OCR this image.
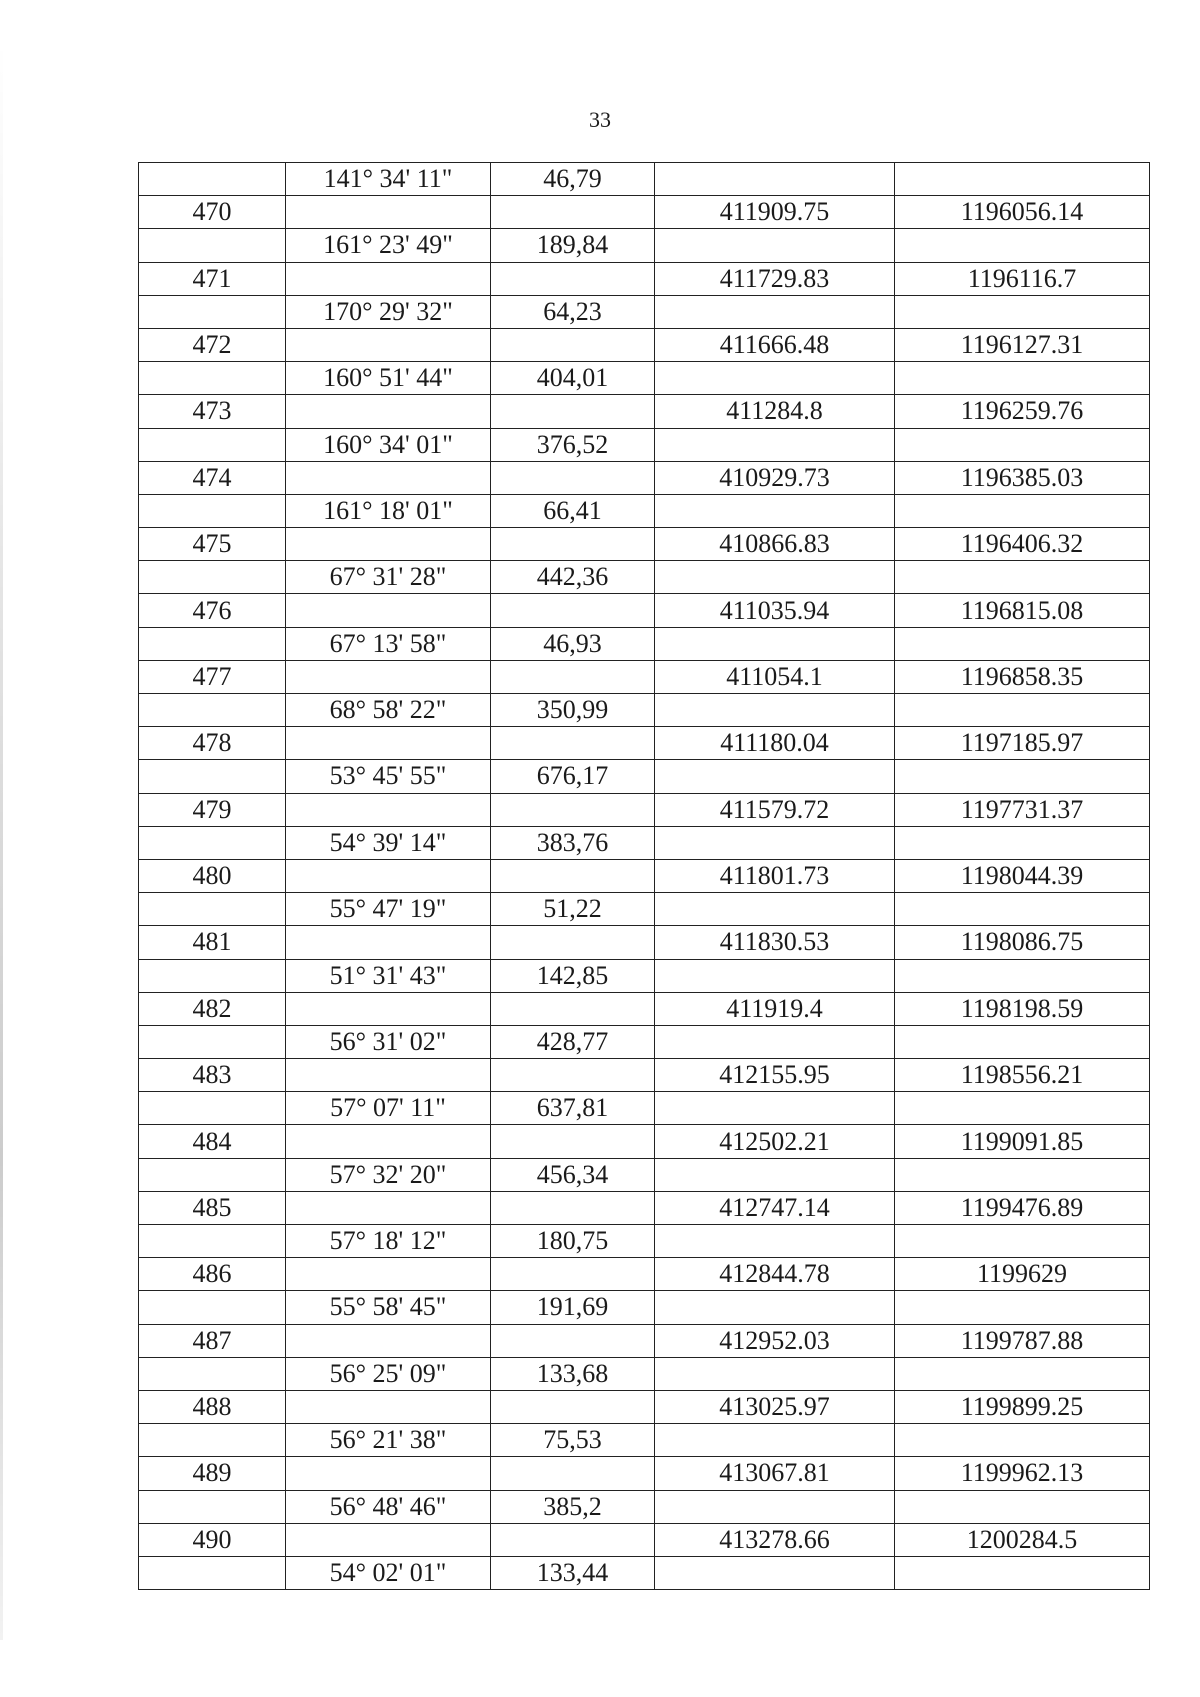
33
	141° 34' 11"	46,79		
470			411909.75	1196056.14
	161° 23' 49"	189,84		
471			411729.83	1196116.7
	170° 29' 32"	64,23		
472			411666.48	1196127.31
	160° 51' 44"	404,01		
473			411284.8	1196259.76
	160° 34' 01"	376,52		
474			410929.73	1196385.03
	161° 18' 01"	66,41		
475			410866.83	1196406.32
	67° 31' 28"	442,36		
476			411035.94	1196815.08
	67° 13' 58"	46,93		
477			411054.1	1196858.35
	68° 58' 22"	350,99		
478			411180.04	1197185.97
	53° 45' 55"	676,17		
479			411579.72	1197731.37
	54° 39' 14"	383,76		
480			411801.73	1198044.39
	55° 47' 19"	51,22		
481			411830.53	1198086.75
	51° 31' 43"	142,85		
482			411919.4	1198198.59
	56° 31' 02"	428,77		
483			412155.95	1198556.21
	57° 07' 11"	637,81		
484			412502.21	1199091.85
	57° 32' 20"	456,34		
485			412747.14	1199476.89
	57° 18' 12"	180,75		
486			412844.78	1199629
	55° 58' 45"	191,69		
487			412952.03	1199787.88
	56° 25' 09"	133,68		
488			413025.97	1199899.25
	56° 21' 38"	75,53		
489			413067.81	1199962.13
	56° 48' 46"	385,2		
490			413278.66	1200284.5
	54° 02' 01"	133,44		
